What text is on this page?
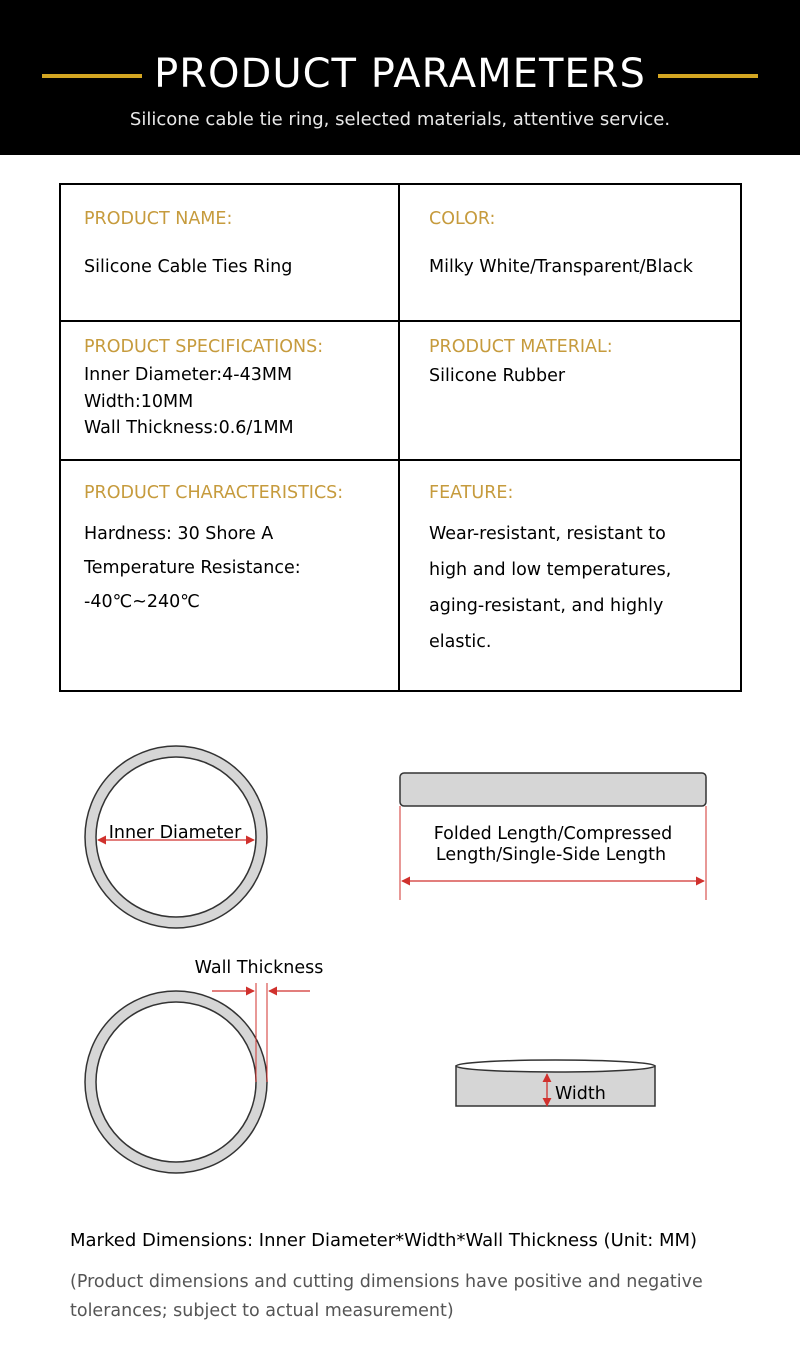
PRODUCT PARAMETERS
Silicone cable tie ring, selected materials, attentive service.
PRODUCT NAME:
Silicone Cable Ties Ring
COLOR:
Milky White/Transparent/Black
PRODUCT SPECIFICATIONS:
Inner Diameter:4-43MM
Width:10MM
Wall Thickness:0.6/1MM
PRODUCT MATERIAL:
Silicone Rubber
PRODUCT CHARACTERISTICS:
Hardness: 30 Shore A
Temperature Resistance:
-40℃~240℃
FEATURE:
Wear-resistant, resistant to
high and low temperatures,
aging-resistant, and highly
elastic.
Inner Diameter	Folded Length/Compressed
Length/Single-Side Length
Wall Thickness
Width
Marked Dimensions: Inner Diameter*Width*Wall Thickness (Unit: MM)
(Product dimensions and cutting dimensions have positive and negative tolerances; subject to actual measurement)
